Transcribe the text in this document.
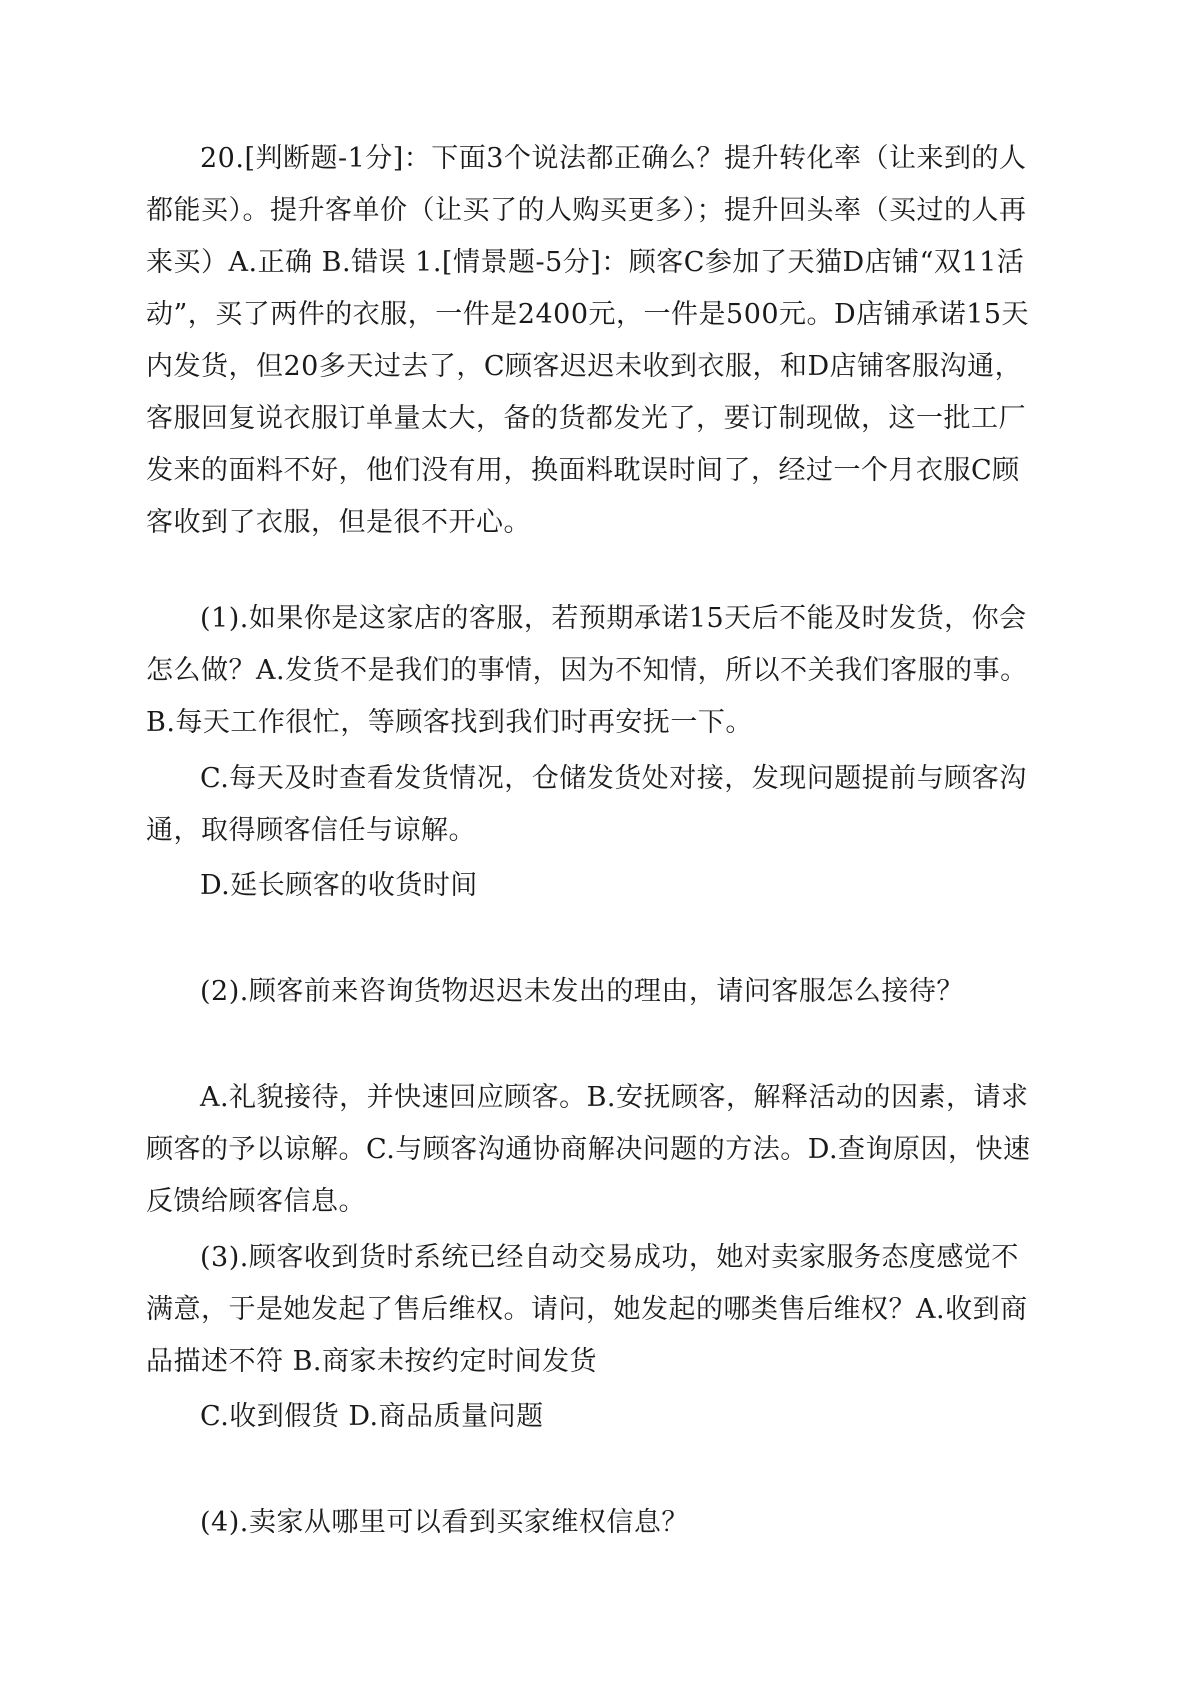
20.[判断题-1分]：下面3个说法都正确么？提升转化率（让来到的人都能买）。提升客单价（让买了的人购买更多）；提升回头率（买过的人再来买）A.正确 B.错误 1.[情景题-5分]：顾客C参加了天猫D店铺“双11活动”，买了两件的衣服，一件是2400元，一件是500元。D店铺承诺15天内发货，但20多天过去了，C顾客迟迟未收到衣服，和D店铺客服沟通，客服回复说衣服订单量太大，备的货都发光了，要订制现做，这一批工厂发来的面料不好，他们没有用，换面料耽误时间了，经过一个月衣服C顾客收到了衣服，但是很不开心。

(1).如果你是这家店的客服，若预期承诺15天后不能及时发货，你会怎么做？A.发货不是我们的事情，因为不知情，所以不关我们客服的事。B.每天工作很忙，等顾客找到我们时再安抚一下。

C.每天及时查看发货情况，仓储发货处对接，发现问题提前与顾客沟通，取得顾客信任与谅解。

D.延长顾客的收货时间

(2).顾客前来咨询货物迟迟未发出的理由，请问客服怎么接待？

A.礼貌接待，并快速回应顾客。B.安抚顾客，解释活动的因素，请求顾客的予以谅解。C.与顾客沟通协商解决问题的方法。D.查询原因，快速反馈给顾客信息。

(3).顾客收到货时系统已经自动交易成功，她对卖家服务态度感觉不满意，于是她发起了售后维权。请问，她发起的哪类售后维权？A.收到商品描述不符 B.商家未按约定时间发货

C.收到假货 D.商品质量问题

(4).卖家从哪里可以看到买家维权信息？
